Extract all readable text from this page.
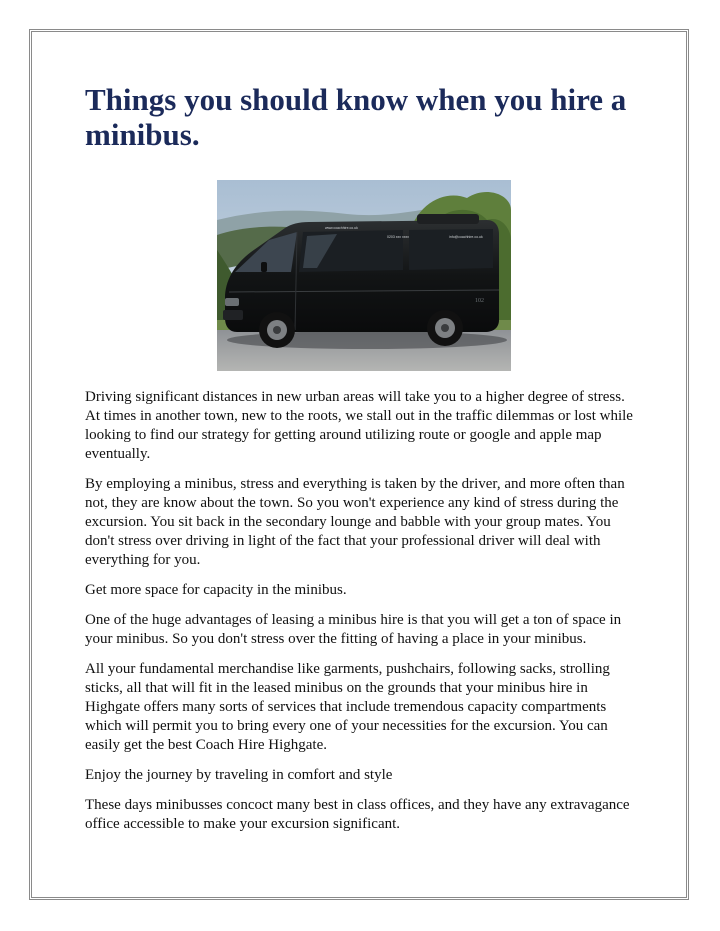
Things you should know when you hire a minibus.
www.coachhire.co.uk
0203 xxx xxxx	info@coachhire.co.uk
102

Driving significant distances in new urban areas will take you to a higher degree of stress. At times in another town, new to the roots, we stall out in the traffic dilemmas or lost while looking to find our strategy for getting around utilizing route or google and apple map eventually.

By employing a minibus, stress and everything is taken by the driver, and more often than not, they are know about the town. So you won't experience any kind of stress during the excursion. You sit back in the secondary lounge and babble with your group mates. You don't stress over driving in light of the fact that your professional driver will deal with everything for you.

Get more space for capacity in the minibus.

One of the huge advantages of leasing a minibus hire is that you will get a ton of space in your minibus. So you don't stress over the fitting of having a place in your minibus.

All your fundamental merchandise like garments, pushchairs, following sacks, strolling sticks, all that will fit in the leased minibus on the grounds that your minibus hire in Highgate offers many sorts of services that include tremendous capacity compartments which will permit you to bring every one of your necessities for the excursion. You can easily get the best Coach Hire Highgate.

Enjoy the journey by traveling in comfort and style

These days minibusses concoct many best in class offices, and they have any extravagance office accessible to make your excursion significant.
